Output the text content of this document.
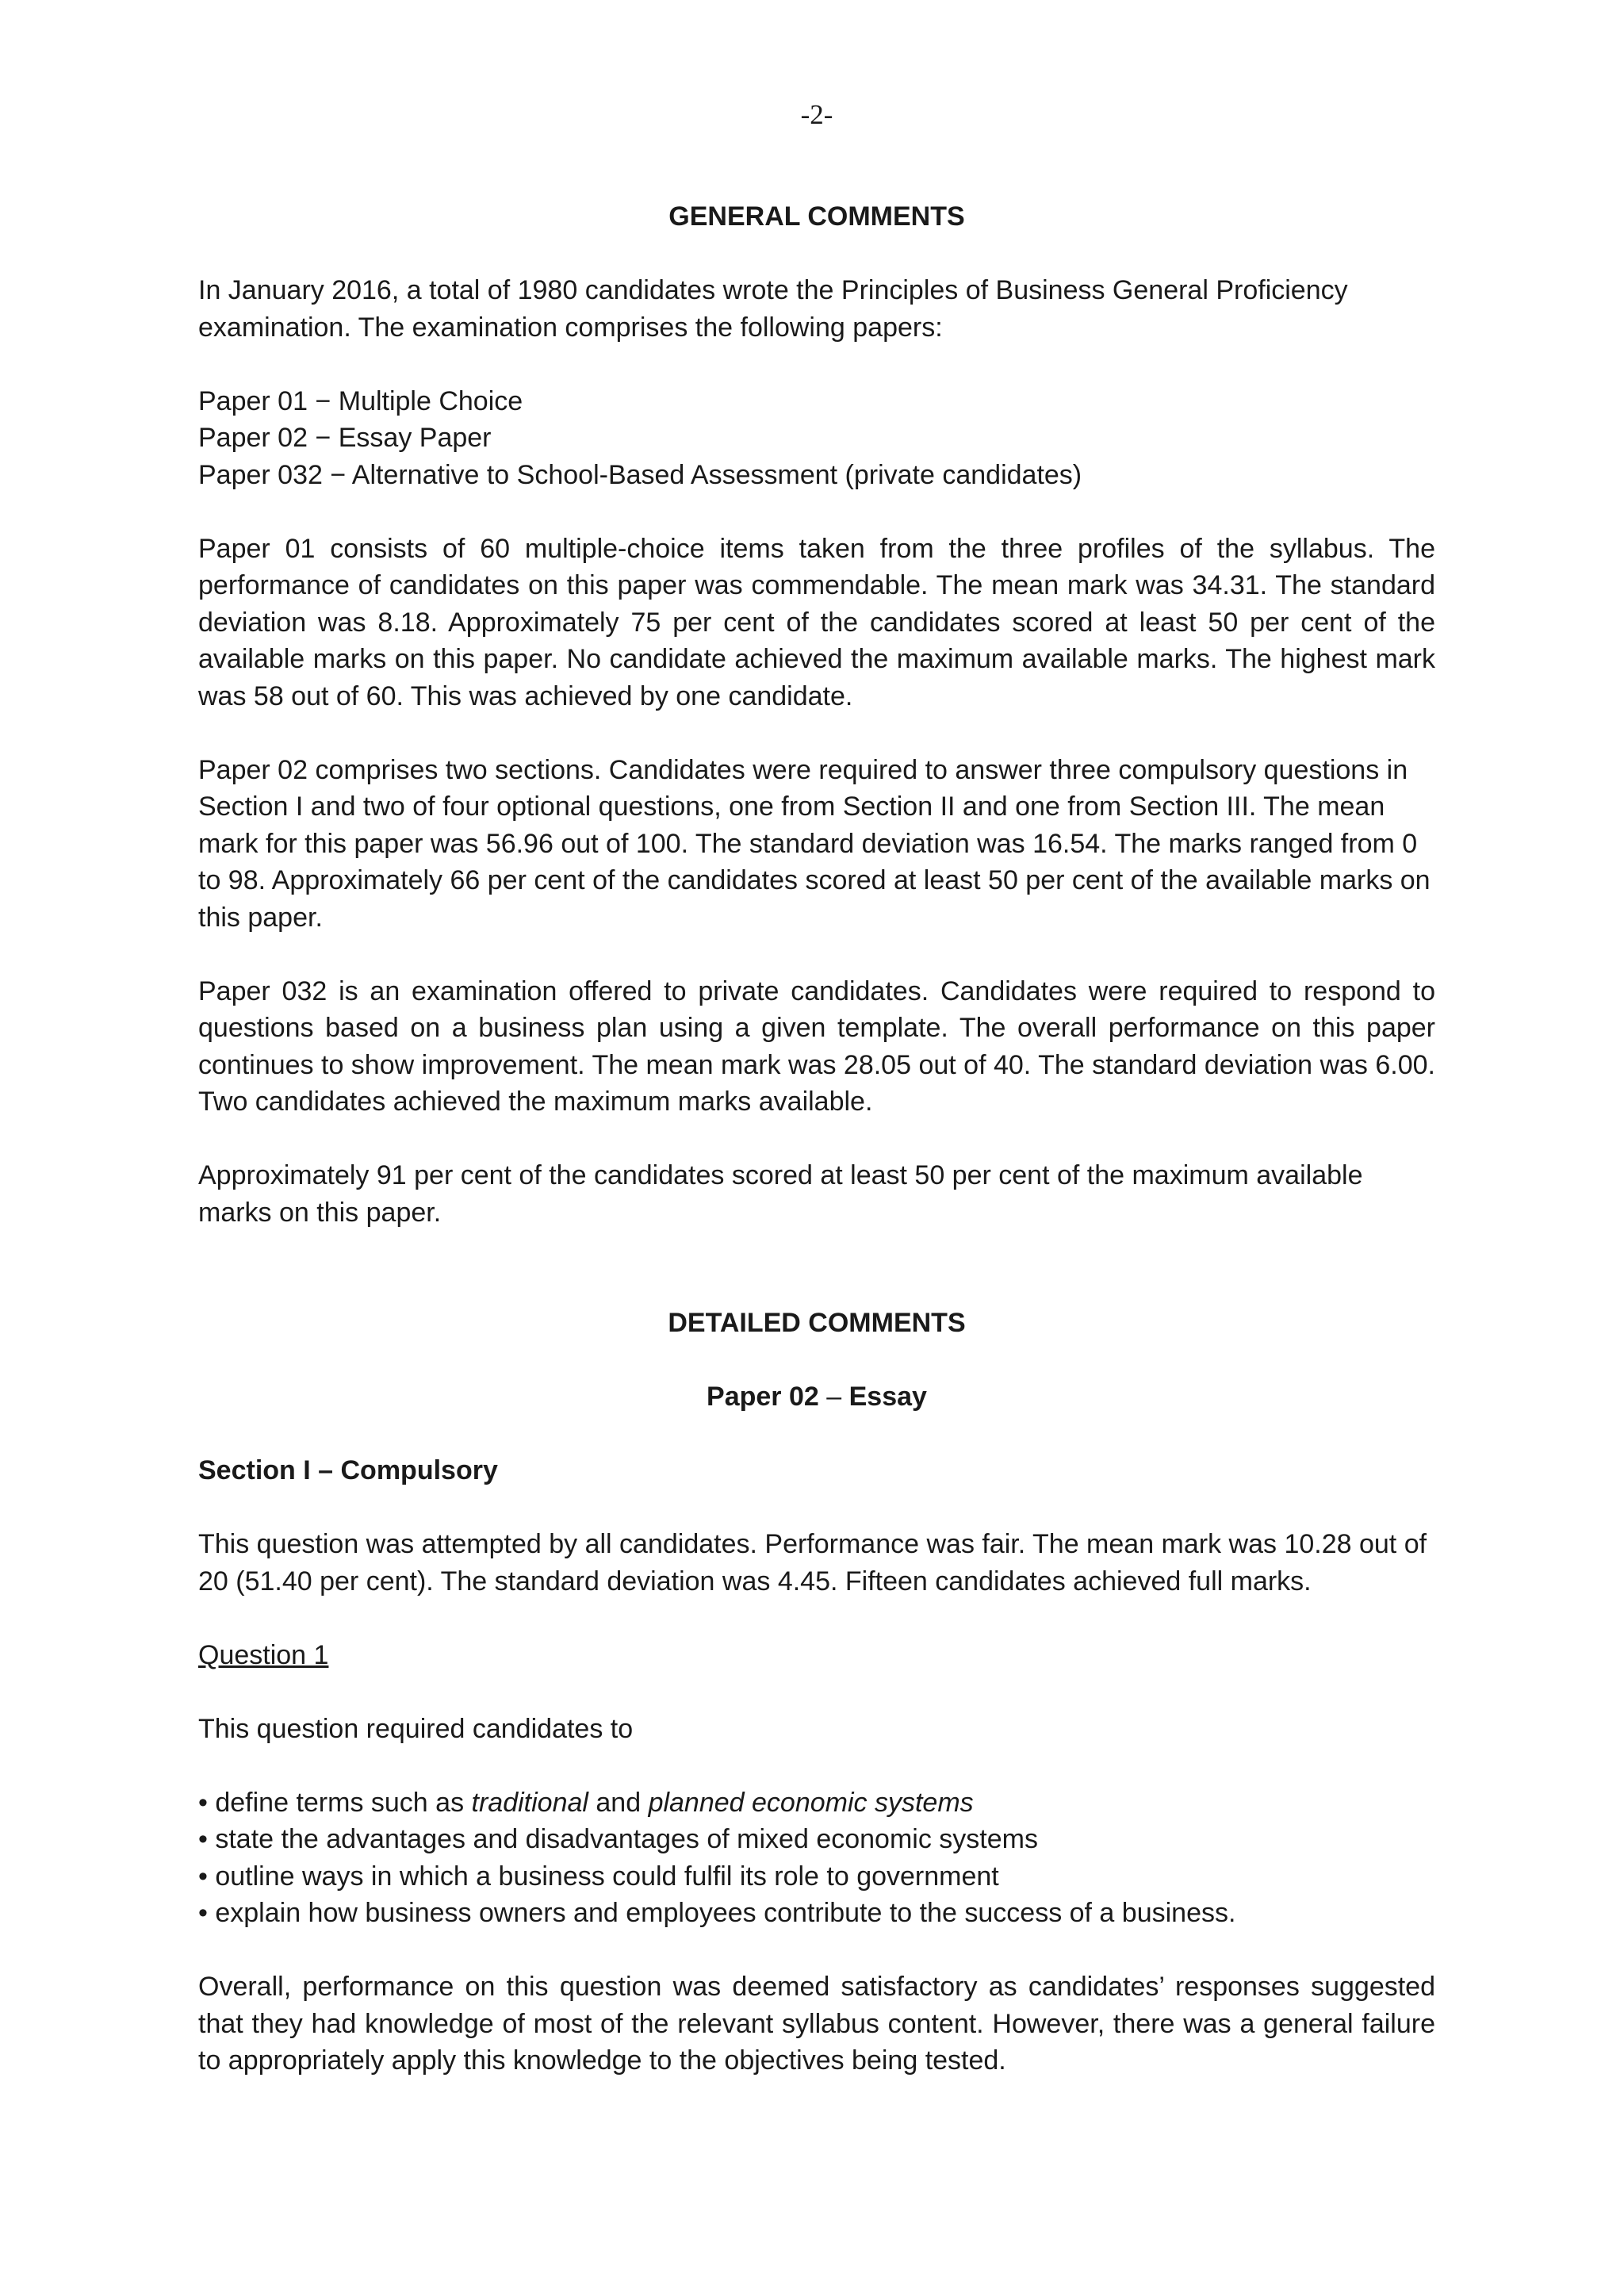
-2-
GENERAL COMMENTS

In January 2016, a total of 1980 candidates wrote the Principles of Business General Proficiency examination. The examination comprises the following papers:

Paper 01 − Multiple Choice
Paper 02 − Essay Paper
Paper 032 − Alternative to School-Based Assessment (private candidates)

Paper 01 consists of 60 multiple-choice items taken from the three profiles of the syllabus. The performance of candidates on this paper was commendable. The mean mark was 34.31. The standard deviation was 8.18. Approximately 75 per cent of the candidates scored at least 50 per cent of the available marks on this paper. No candidate achieved the maximum available marks. The highest mark was 58 out of 60. This was achieved by one candidate.

Paper 02 comprises two sections. Candidates were required to answer three compulsory questions in Section I and two of four optional questions, one from Section II and one from Section III. The mean mark for this paper was 56.96 out of 100. The standard deviation was 16.54. The marks ranged from 0 to 98. Approximately 66 per cent of the candidates scored at least 50 per cent of the available marks on this paper.

Paper 032 is an examination offered to private candidates. Candidates were required to respond to questions based on a business plan using a given template. The overall performance on this paper continues to show improvement. The mean mark was 28.05 out of 40. The standard deviation was 6.00. Two candidates achieved the maximum marks available.

Approximately 91 per cent of the candidates scored at least 50 per cent of the maximum available marks on this paper.

DETAILED COMMENTS
Paper 02 – Essay
Section I – Compulsory

This question was attempted by all candidates. Performance was fair. The mean mark was 10.28 out of 20 (51.40 per cent). The standard deviation was 4.45. Fifteen candidates achieved full marks.

Question 1

This question required candidates to

• define terms such as traditional and planned economic systems
• state the advantages and disadvantages of mixed economic systems
• outline ways in which a business could fulfil its role to government
• explain how business owners and employees contribute to the success of a business.

Overall, performance on this question was deemed satisfactory as candidates’ responses suggested that they had knowledge of most of the relevant syllabus content. However, there was a general failure to appropriately apply this knowledge to the objectives being tested.
